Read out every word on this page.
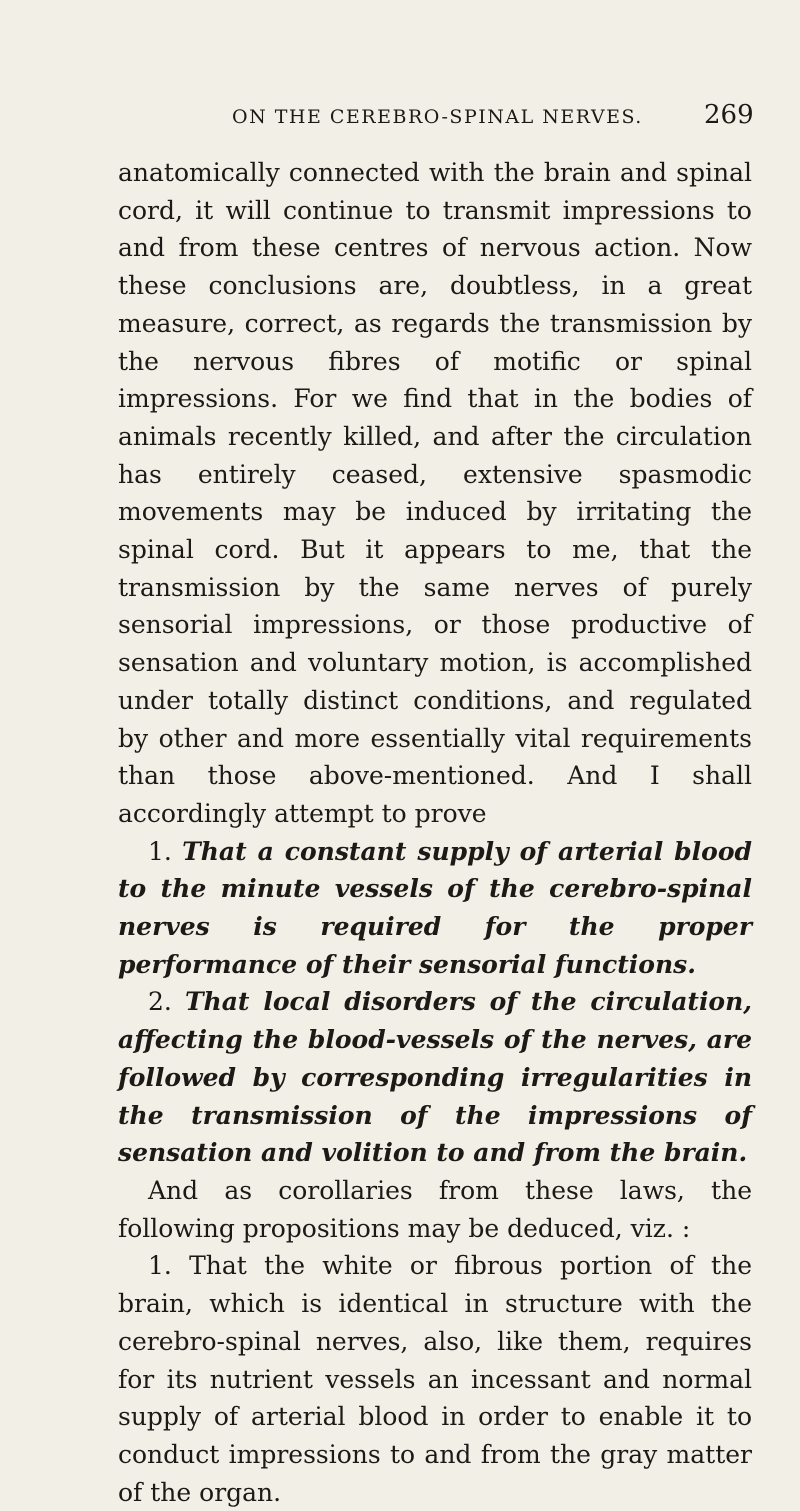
ON THE CEREBRO-SPINAL NERVES.	269

anatomically connected with the brain and spinal cord, it will continue to transmit impressions to and from these centres of nervous action. Now these conclusions are, doubtless, in a great measure, correct, as regards the transmission by the nervous fibres of motific or spinal impressions. For we find that in the bodies of animals recently killed, and after the circulation has entirely ceased, extensive spasmodic movements may be induced by irritating the spinal cord. But it appears to me, that the transmission by the same nerves of purely sensorial impressions, or those productive of sensation and voluntary motion, is accomplished under totally distinct conditions, and regulated by other and more essentially vital requirements than those above-mentioned. And I shall accordingly attempt to prove

1. That a constant supply of arterial blood to the minute vessels of the cerebro-spinal nerves is required for the proper performance of their sensorial functions.

2. That local disorders of the circulation, affecting the blood-vessels of the nerves, are followed by corresponding irregularities in the transmission of the impressions of sensation and volition to and from the brain.

And as corollaries from these laws, the following propositions may be deduced, viz. :

1. That the white or fibrous portion of the brain, which is identical in structure with the cerebro-spinal nerves, also, like them, requires for its nutrient vessels an incessant and normal supply of arterial blood in order to enable it to conduct impressions to and from the gray matter of the organ.
